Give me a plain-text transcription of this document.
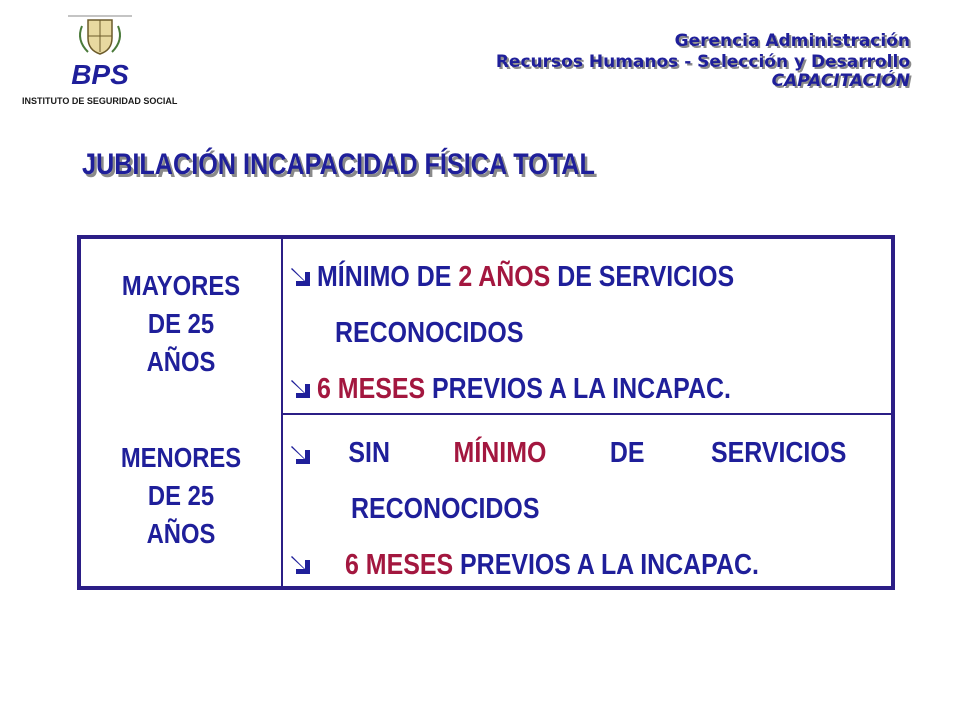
BPS
INSTITUTO DE SEGURIDAD SOCIAL
Gerencia Administración
Recursos Humanos - Selección y Desarrollo
CAPACITACIÓN
JUBILACIÓN INCAPACIDAD FÍSICA TOTAL
MAYORES
DE 25
AÑOS
MÍNIMO DE 2 AÑOS DE SERVICIOS
RECONOCIDOS
6 MESES PREVIOS A LA INCAPAC.
MENORES
DE 25
AÑOS
SIN MÍNIMO DE SERVICIOS
RECONOCIDOS
6 MESES PREVIOS A LA INCAPAC.
